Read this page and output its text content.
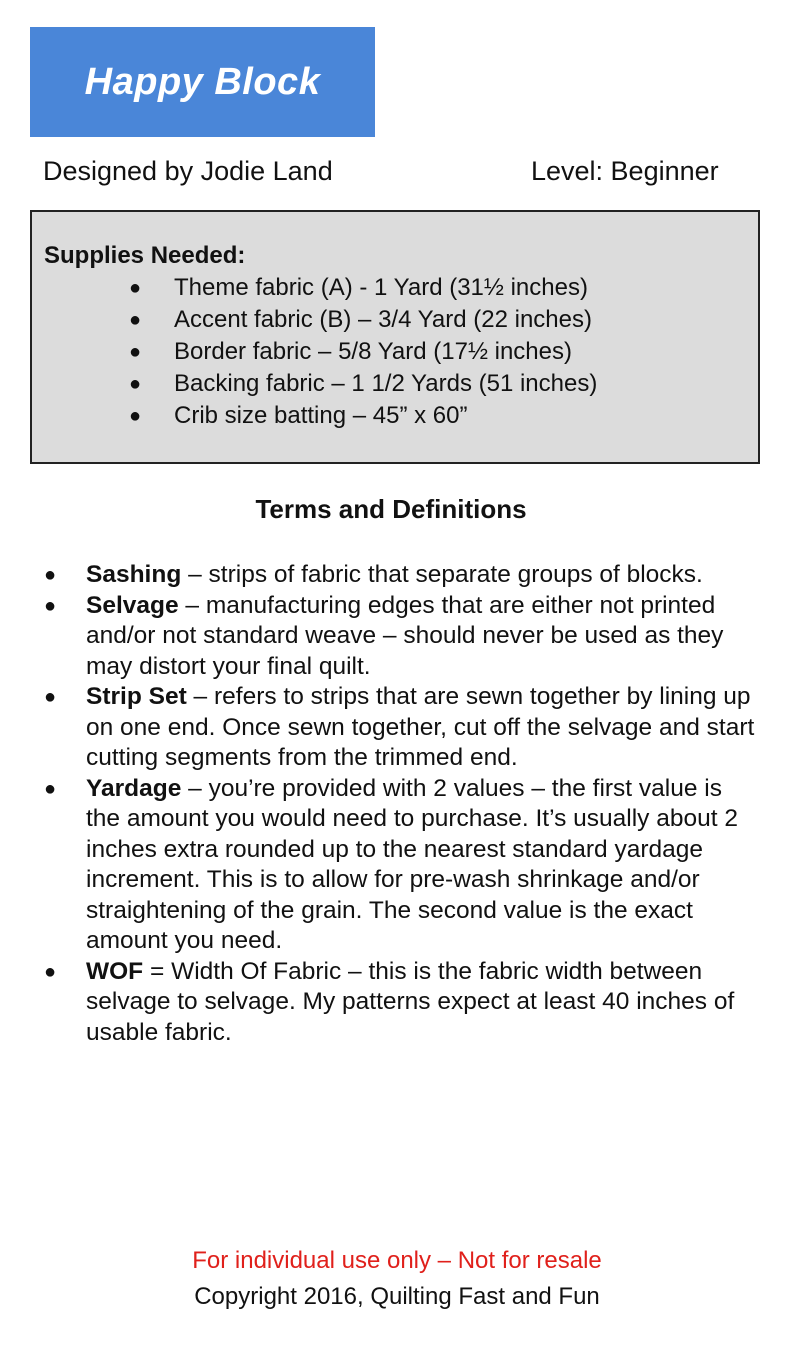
Happy Block
Designed by Jodie Land	Level: Beginner
Supplies Needed:
● Theme fabric (A) - 1 Yard (31½ inches)
● Accent fabric (B) – 3/4 Yard (22 inches)
● Border fabric – 5/8 Yard (17½ inches)
● Backing fabric – 1 1/2 Yards (51 inches)
● Crib size batting – 45” x 60”
Terms and Definitions
● Sashing – strips of fabric that separate groups of blocks.
● Selvage – manufacturing edges that are either not printed and/or not standard weave – should never be used as they may distort your final quilt.
● Strip Set – refers to strips that are sewn together by lining up on one end. Once sewn together, cut off the selvage and start cutting segments from the trimmed end.
● Yardage – you’re provided with 2 values – the first value is the amount you would need to purchase. It’s usually about 2 inches extra rounded up to the nearest standard yardage increment. This is to allow for pre-wash shrinkage and/or straightening of the grain. The second value is the exact amount you need.
● WOF = Width Of Fabric – this is the fabric width between selvage to selvage. My patterns expect at least 40 inches of usable fabric.
For individual use only – Not for resale
Copyright 2016, Quilting Fast and Fun
